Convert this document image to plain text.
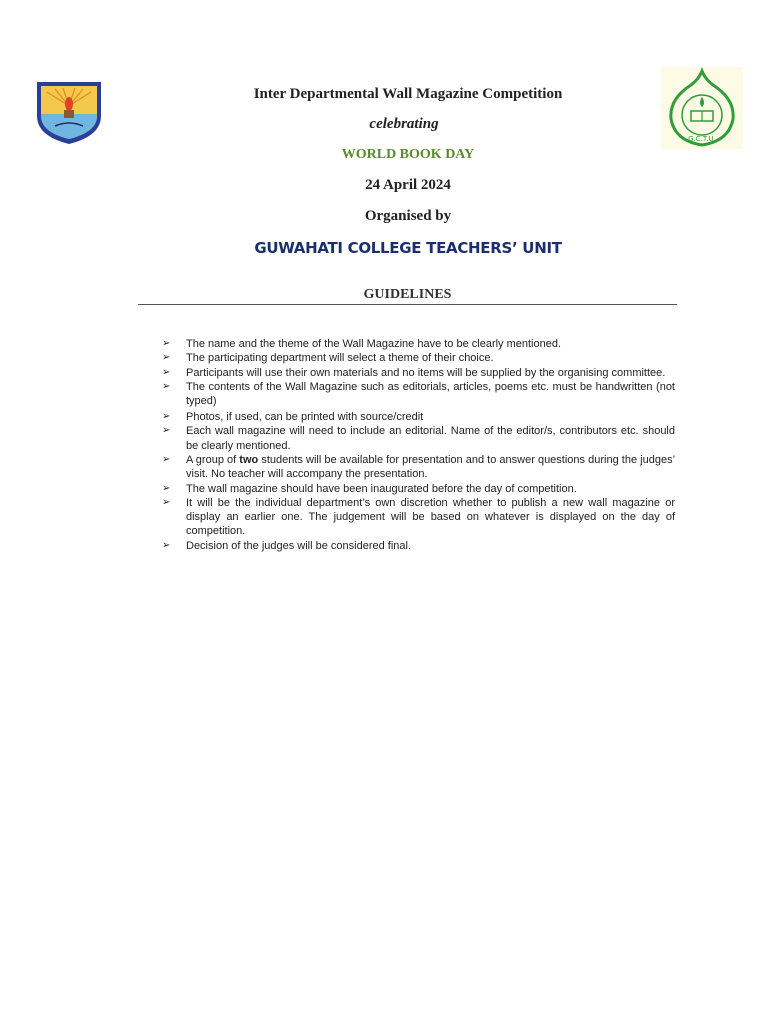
G.C.T.U.
Inter Departmental Wall Magazine Competition
celebrating
WORLD BOOK DAY
24 April 2024
Organised by
GUWAHATI COLLEGE TEACHERS’ UNIT
GUIDELINES
➢ The name and the theme of the Wall Magazine have to be clearly mentioned.
➢ The participating department will select a theme of their choice.
➢ Participants will use their own materials and no items will be supplied by the organising committee.
➢ The contents of the Wall Magazine such as editorials, articles, poems etc. must be handwritten (not typed)
➢ Photos, if used, can be printed with source/credit
➢ Each wall magazine will need to include an editorial. Name of the editor/s, contributors etc. should be clearly mentioned.
➢ A group of two students will be available for presentation and to answer questions during the judges’ visit. No teacher will accompany the presentation.
➢ The wall magazine should have been inaugurated before the day of competition.
➢ It will be the individual department’s own discretion whether to publish a new wall magazine or display an earlier one. The judgement will be based on whatever is displayed on the day of competition.
➢ Decision of the judges will be considered final.
